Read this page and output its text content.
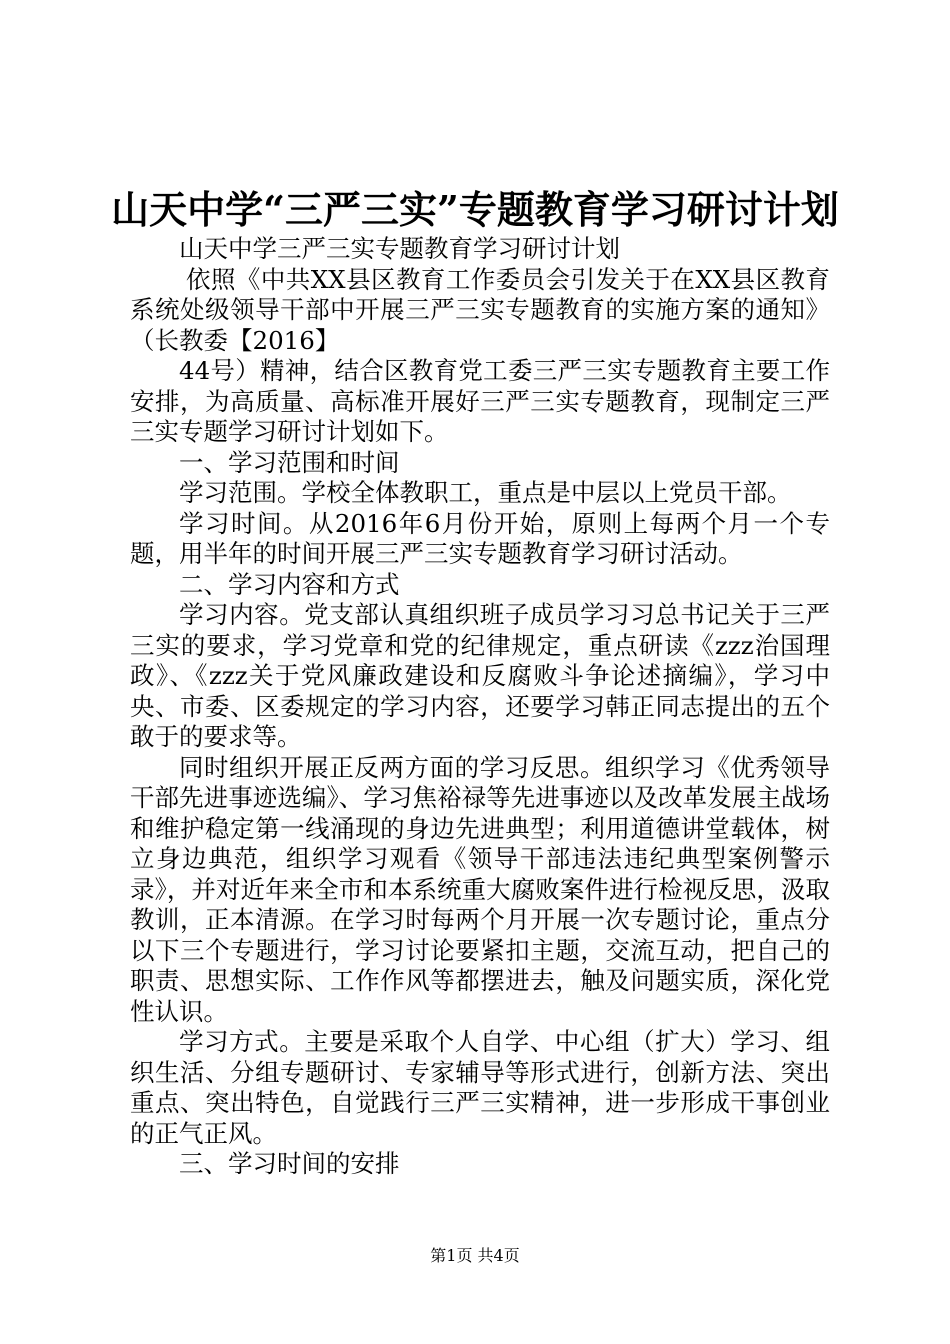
山天中学“三严三实”专题教育学习研讨计划

山天中学三严三实专题教育学习研讨计划

依照《中共XX县区教育工作委员会引发关于在XX县区教育系统处级领导干部中开展三严三实专题教育的实施方案的通知》（长教委【2016】

44号）精神，结合区教育党工委三严三实专题教育主要工作安排，为高质量、高标准开展好三严三实专题教育，现制定三严三实专题学习研讨计划如下。

一、学习范围和时间

学习范围。学校全体教职工，重点是中层以上党员干部。

学习时间。从2016年6月份开始，原则上每两个月一个专题，用半年的时间开展三严三实专题教育学习研讨活动。

二、学习内容和方式

学习内容。党支部认真组织班子成员学习习总书记关于三严三实的要求，学习党章和党的纪律规定，重点研读《zzz治国理政》、《zzz关于党风廉政建设和反腐败斗争论述摘编》，学习中央、市委、区委规定的学习内容，还要学习韩正同志提出的五个敢于的要求等。

同时组织开展正反两方面的学习反思。组织学习《优秀领导干部先进事迹选编》、学习焦裕禄等先进事迹以及改革发展主战场和维护稳定第一线涌现的身边先进典型；利用道德讲堂载体，树立身边典范，组织学习观看《领导干部违法违纪典型案例警示录》，并对近年来全市和本系统重大腐败案件进行检视反思，汲取教训，正本清源。在学习时每两个月开展一次专题讨论，重点分以下三个专题进行，学习讨论要紧扣主题，交流互动，把自己的职责、思想实际、工作作风等都摆进去，触及问题实质，深化党性认识。

学习方式。主要是采取个人自学、中心组（扩大）学习、组织生活、分组专题研讨、专家辅导等形式进行，创新方法、突出重点、突出特色，自觉践行三严三实精神，进一步形成干事创业的正气正风。

三、学习时间的安排

第1页 共4页
